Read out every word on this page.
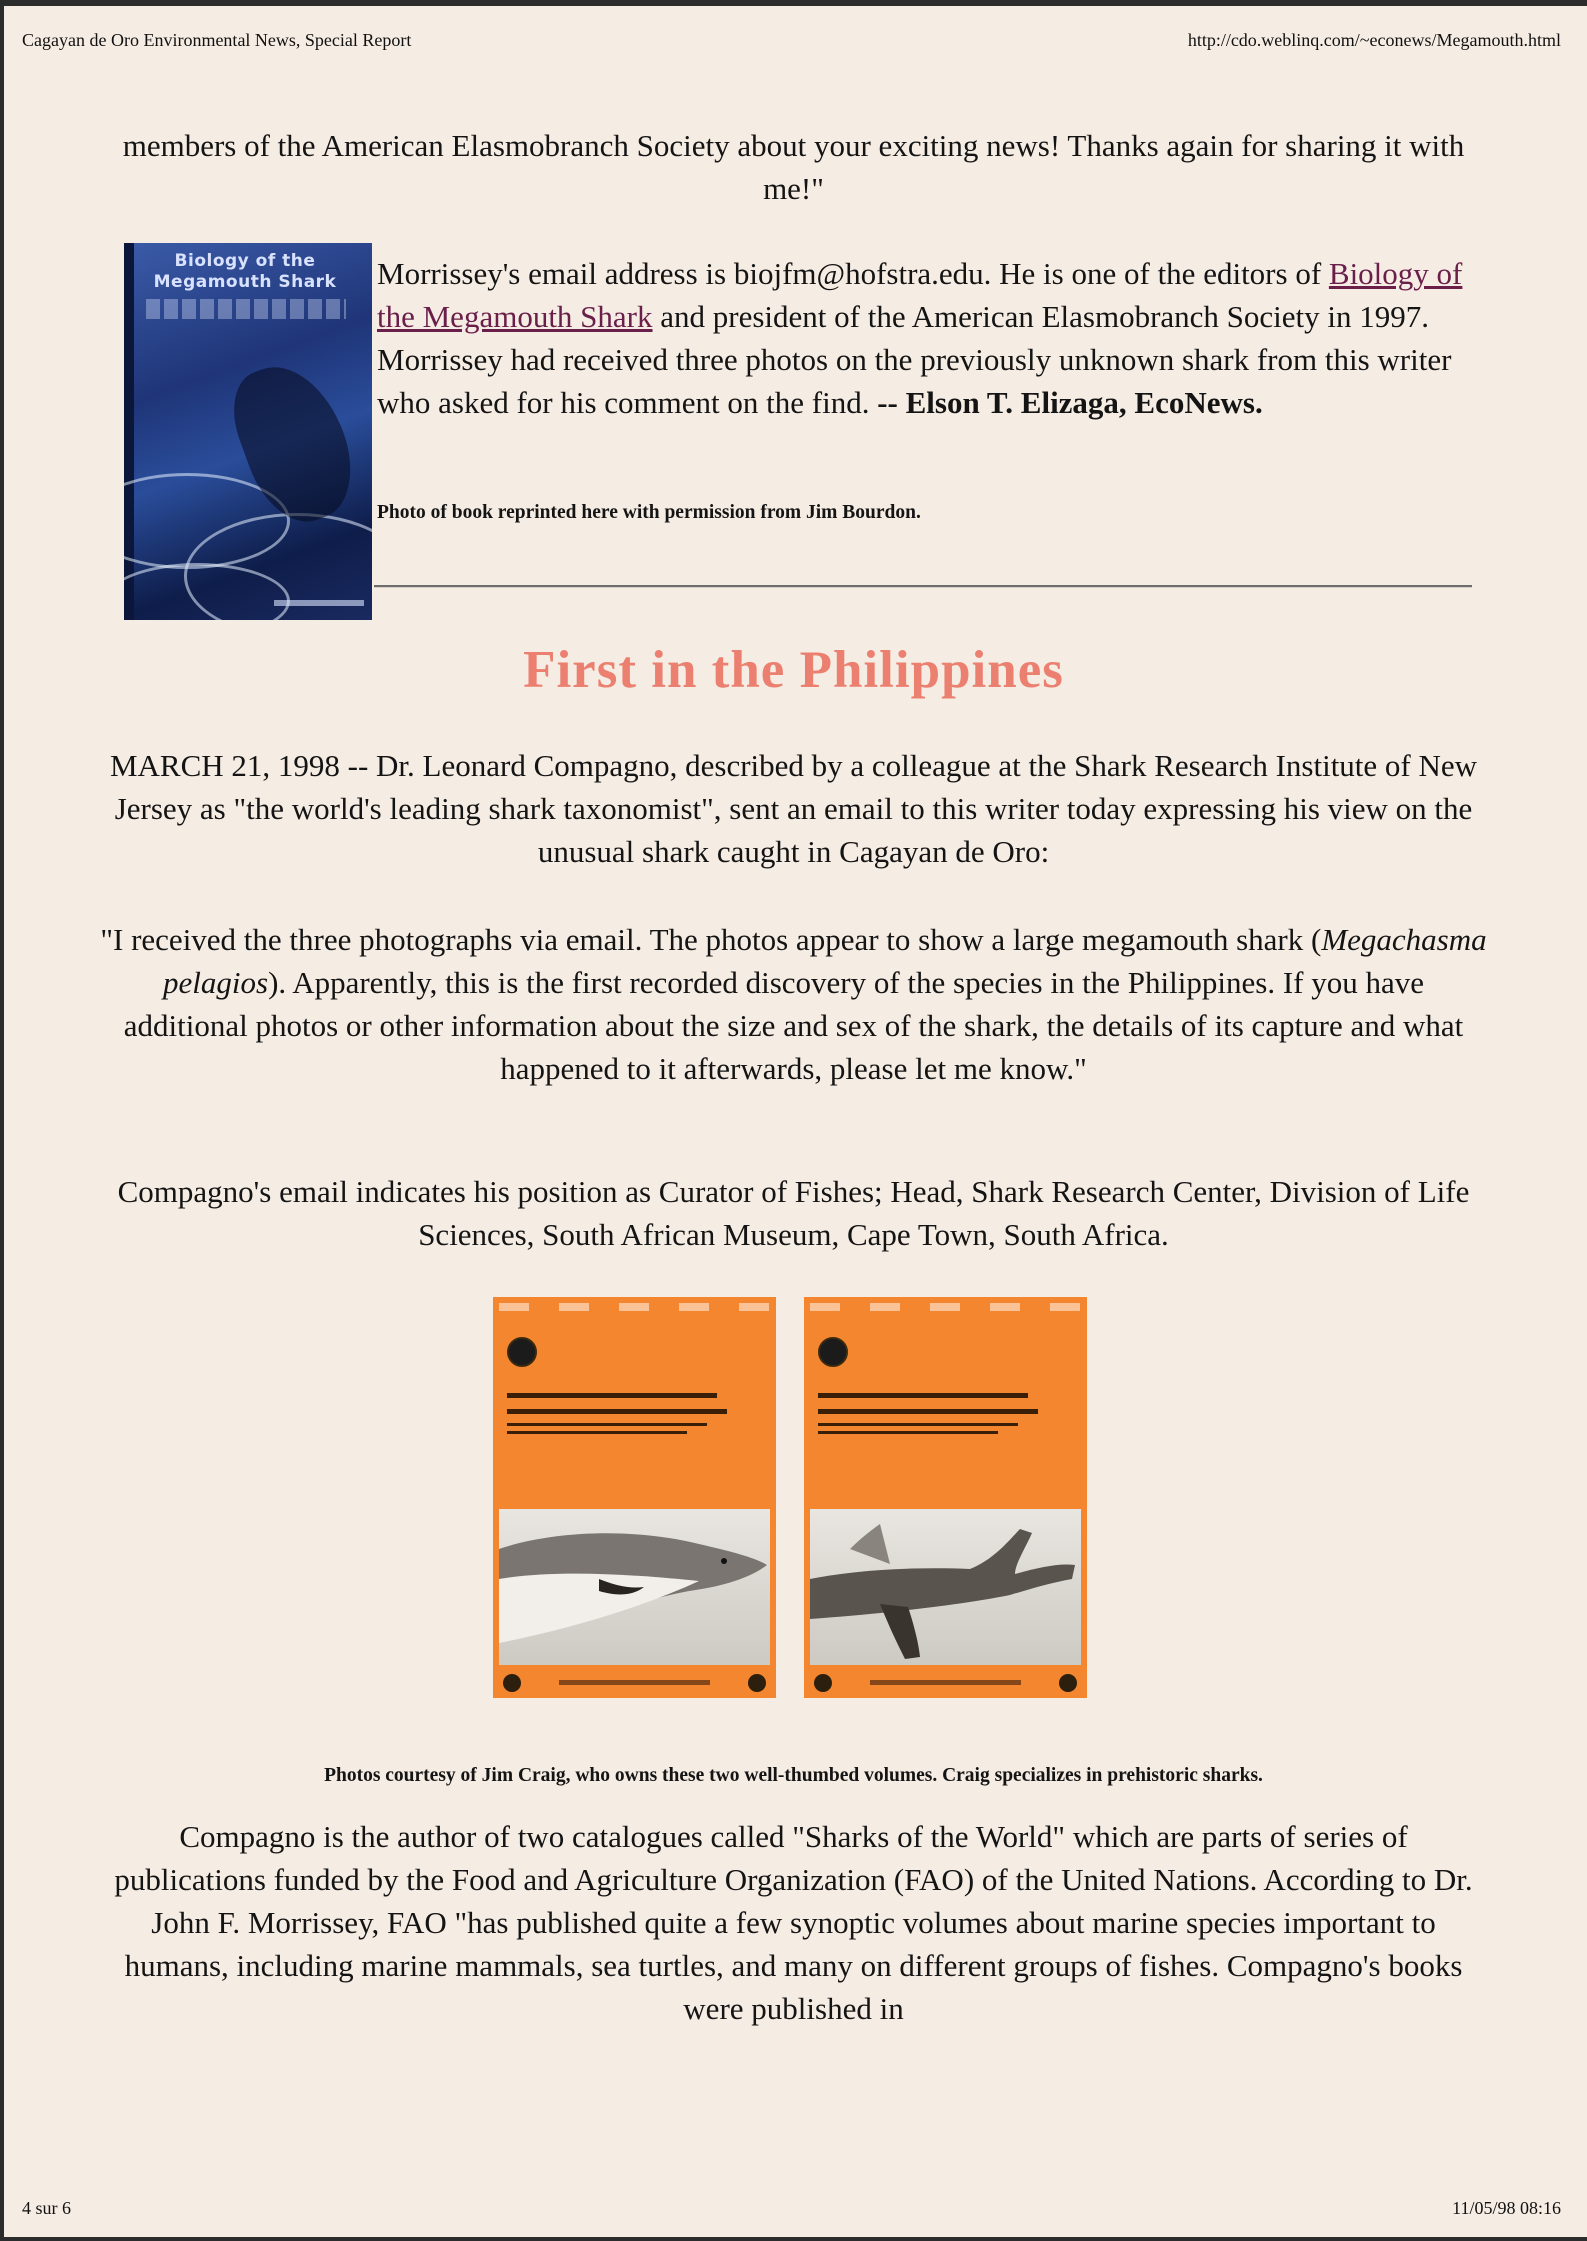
Cagayan de Oro Environmental News, Special Report	http://cdo.weblinq.com/~econews/Megamouth.html

members of the American Elasmobranch Society about your exciting news! Thanks again for sharing it with me!"

Biology of the Megamouth Shark	Morrissey's email address is biojfm@hofstra.edu. He is one of the editors of Biology of the Megamouth Shark and president of the American Elasmobranch Society in 1997. Morrissey had received three photos on the previously unknown shark from this writer who asked for his comment on the find. -- Elson T. Elizaga, EcoNews.

Photo of book reprinted here with permission from Jim Bourdon.

First in the Philippines

MARCH 21, 1998 -- Dr. Leonard Compagno, described by a colleague at the Shark Research Institute of New Jersey as "the world's leading shark taxonomist", sent an email to this writer today expressing his view on the unusual shark caught in Cagayan de Oro:

"I received the three photographs via email. The photos appear to show a large megamouth shark (Megachasma pelagios). Apparently, this is the first recorded discovery of the species in the Philippines. If you have additional photos or other information about the size and sex of the shark, the details of its capture and what happened to it afterwards, please let me know."

Compagno's email indicates his position as Curator of Fishes; Head, Shark Research Center, Division of Life Sciences, South African Museum, Cape Town, South Africa.

Photos courtesy of Jim Craig, who owns these two well-thumbed volumes. Craig specializes in prehistoric sharks.

Compagno is the author of two catalogues called "Sharks of the World" which are parts of series of publications funded by the Food and Agriculture Organization (FAO) of the United Nations. According to Dr. John F. Morrissey, FAO "has published quite a few synoptic volumes about marine species important to humans, including marine mammals, sea turtles, and many on different groups of fishes. Compagno's books were published in

4 sur 6	11/05/98 08:16
